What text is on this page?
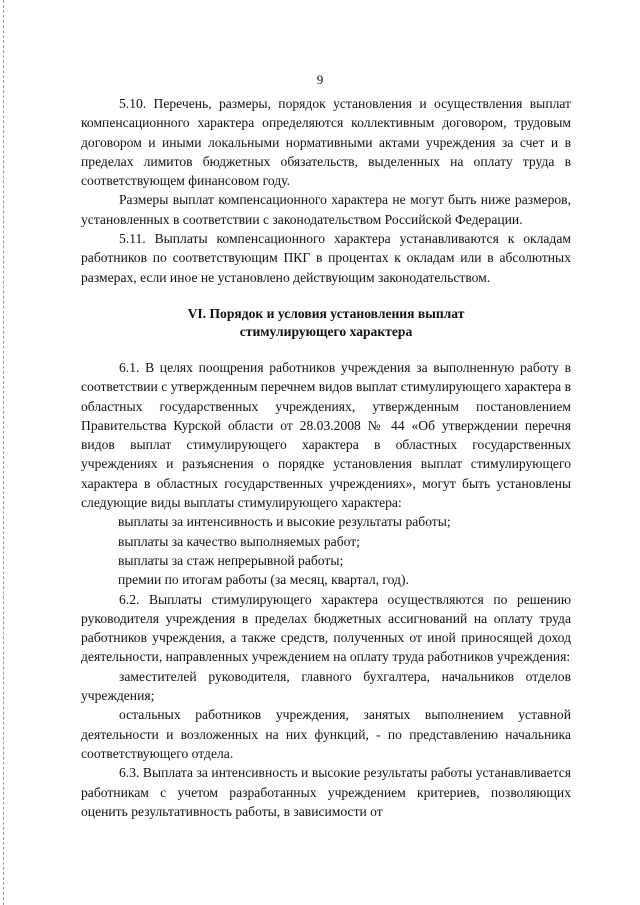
9

5.10. Перечень, размеры, порядок установления и осуществления выплат компенсационного характера определяются коллективным договором, трудовым договором и иными локальными нормативными актами учреждения за счет и в пределах лимитов бюджетных обязательств, выделенных на оплату труда в соответствующем финансовом году.

Размеры выплат компенсационного характера не могут быть ниже размеров, установленных в соответствии с законодательством Российской Федерации.

5.11. Выплаты компенсационного характера устанавливаются к окладам работников по соответствующим ПКГ в процентах к окладам или в абсолютных размерах, если иное не установлено действующим законодательством.

VI. Порядок и условия установления выплат
стимулирующего характера

6.1. В целях поощрения работников учреждения за выполненную работу в соответствии с утвержденным перечнем видов выплат стимулирующего характера в областных государственных учреждениях, утвержденным постановлением Правительства Курской области от 28.03.2008 № 44 «Об утверждении перечня видов выплат стимулирующего характера в областных государственных учреждениях и разъяснения о порядке установления выплат стимулирующего характера в областных государственных учреждениях», могут быть установлены следующие виды выплаты стимулирующего характера:

выплаты за интенсивность и высокие результаты работы;

выплаты за качество выполняемых работ;

выплаты за стаж непрерывной работы;

премии по итогам работы (за месяц, квартал, год).

6.2. Выплаты стимулирующего характера осуществляются по решению руководителя учреждения в пределах бюджетных ассигнований на оплату труда работников учреждения, а также средств, полученных от иной приносящей доход деятельности, направленных учреждением на оплату труда работников учреждения:

заместителей руководителя, главного бухгалтера, начальников отделов учреждения;

остальных работников учреждения, занятых выполнением уставной деятельности и возложенных на них функций, - по представлению начальника соответствующего отдела.

6.3. Выплата за интенсивность и высокие результаты работы устанавливается работникам с учетом разработанных учреждением критериев, позволяющих оценить результативность работы, в зависимости от
